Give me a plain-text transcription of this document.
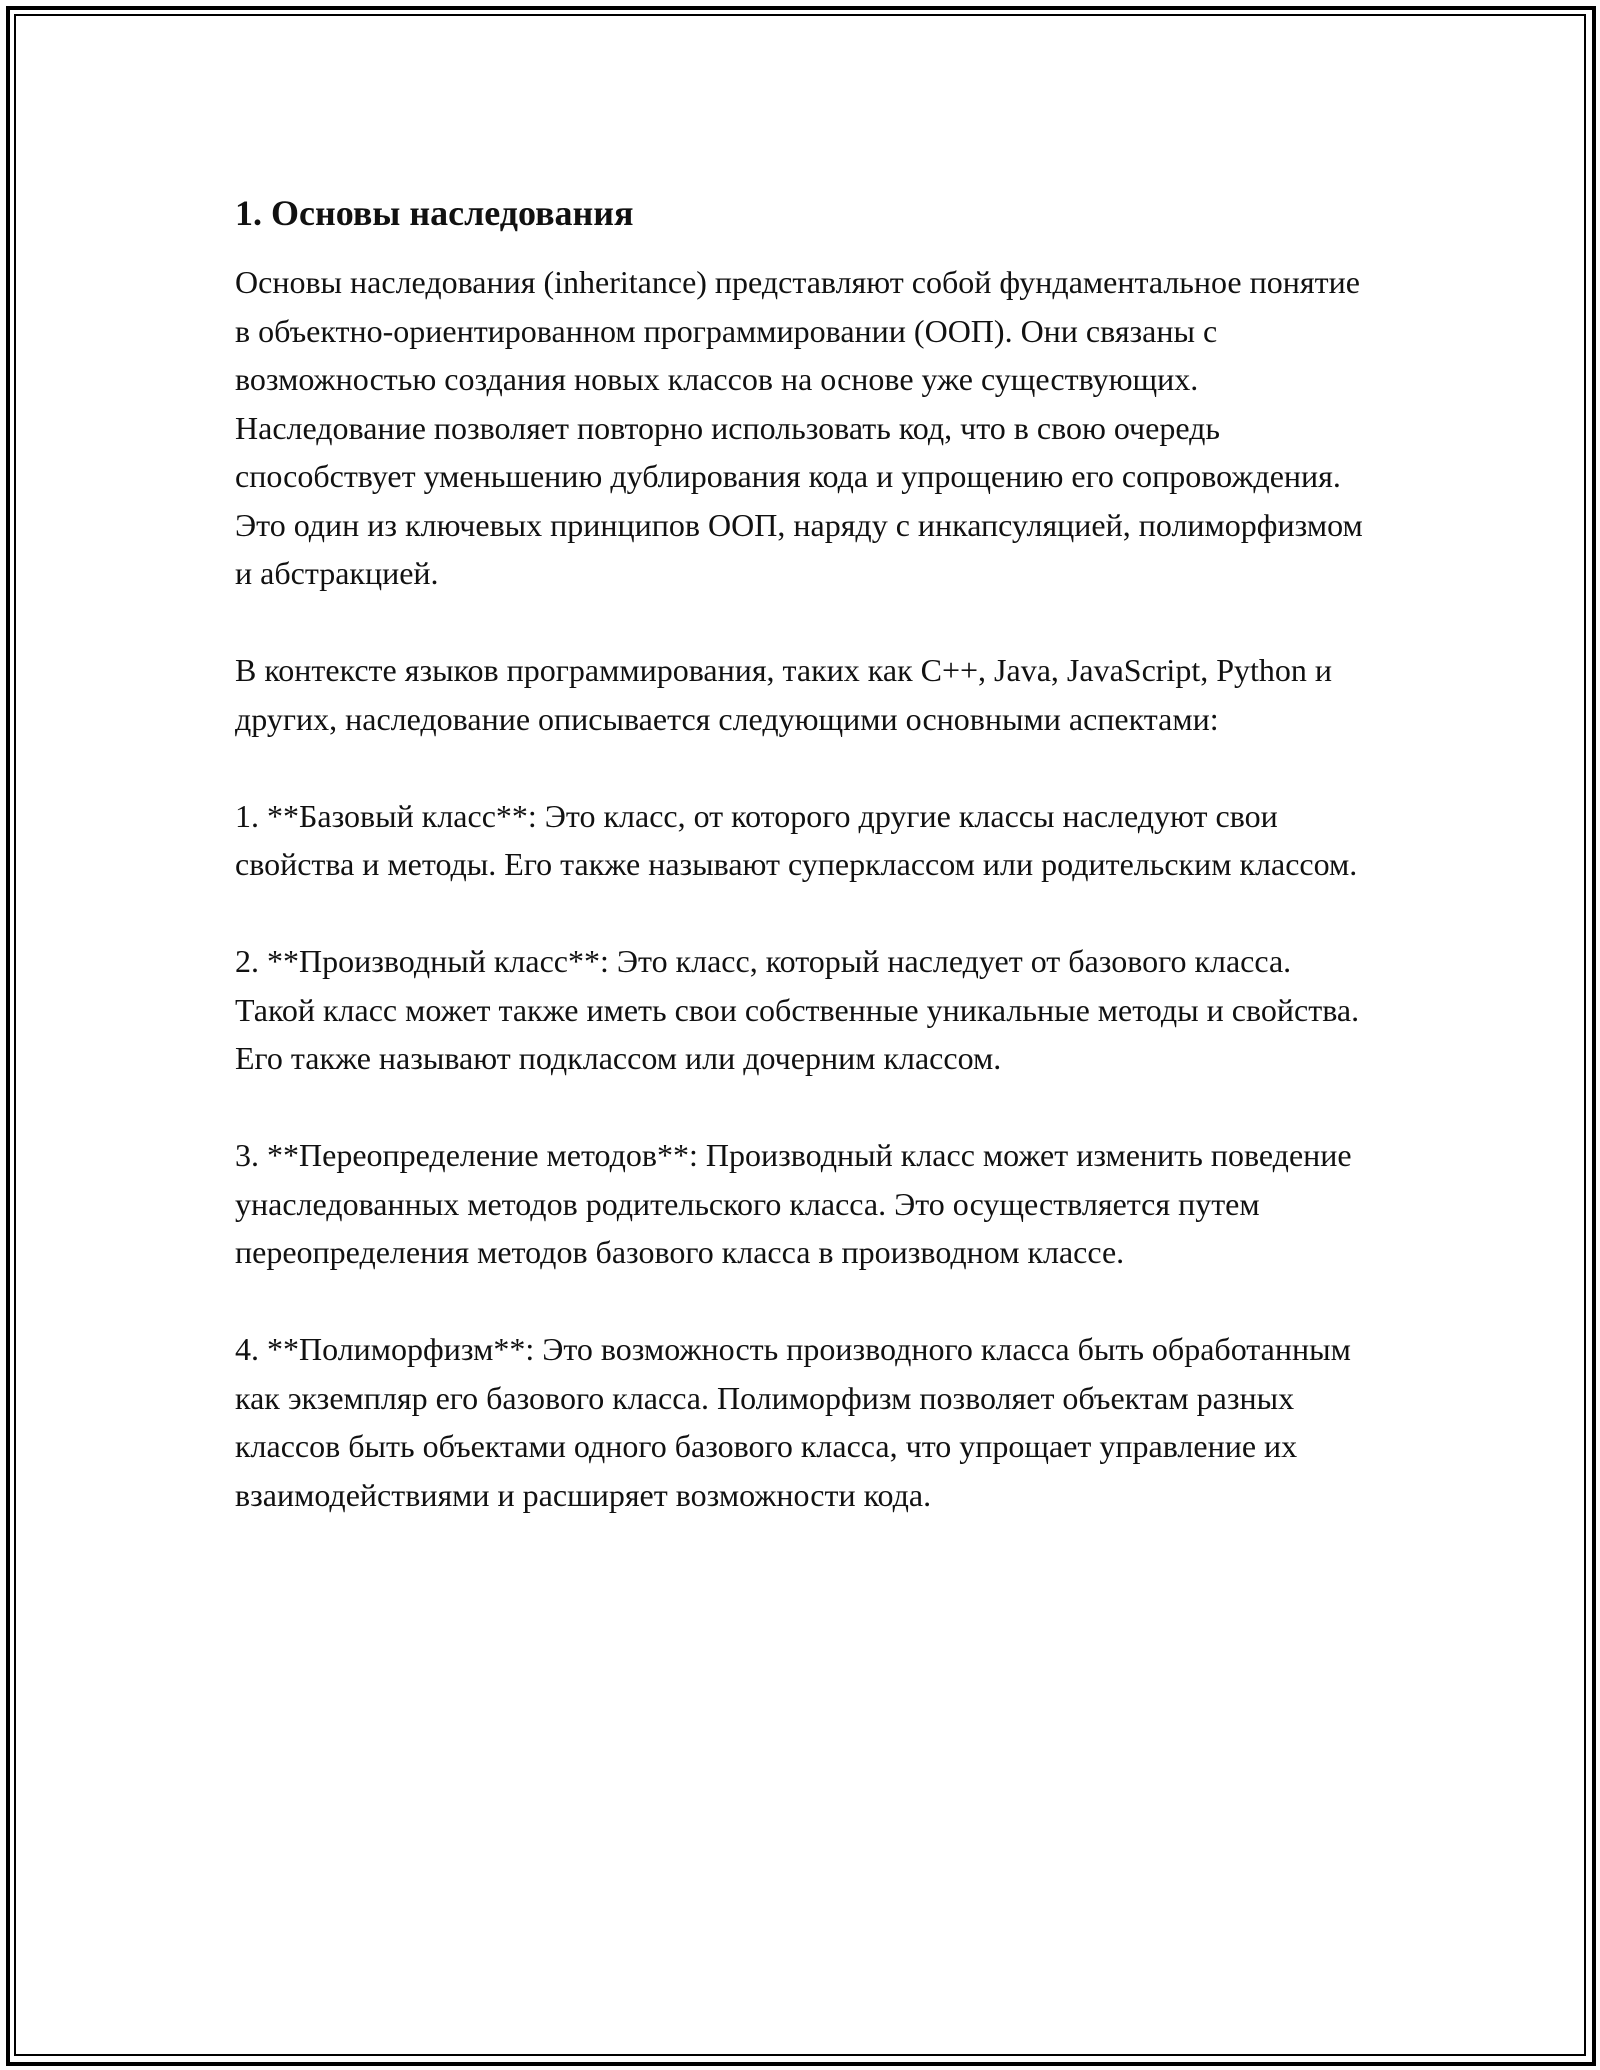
1. Основы наследования

Основы наследования (inheritance) представляют собой фундаментальное понятие в объектно-ориентированном программировании (ООП). Они связаны с возможностью создания новых классов на основе уже существующих. Наследование позволяет повторно использовать код, что в свою очередь способствует уменьшению дублирования кода и упрощению его сопровождения. Это один из ключевых принципов ООП, наряду с инкапсуляцией, полиморфизмом и абстракцией.

В контексте языков программирования, таких как C++, Java, JavaScript, Python и других, наследование описывается следующими основными аспектами:

1. **Базовый класс**: Это класс, от которого другие классы наследуют свои свойства и методы. Его также называют суперклассом или родительским классом.

2. **Производный класс**: Это класс, который наследует от базового класса. Такой класс может также иметь свои собственные уникальные методы и свойства. Его также называют подклассом или дочерним классом.

3. **Переопределение методов**: Производный класс может изменить поведение унаследованных методов родительского класса. Это осуществляется путем переопределения методов базового класса в производном классе.

4. **Полиморфизм**: Это возможность производного класса быть обработанным как экземпляр его базового класса. Полиморфизм позволяет объектам разных классов быть объектами одного базового класса, что упрощает управление их взаимодействиями и расширяет возможности кода.
